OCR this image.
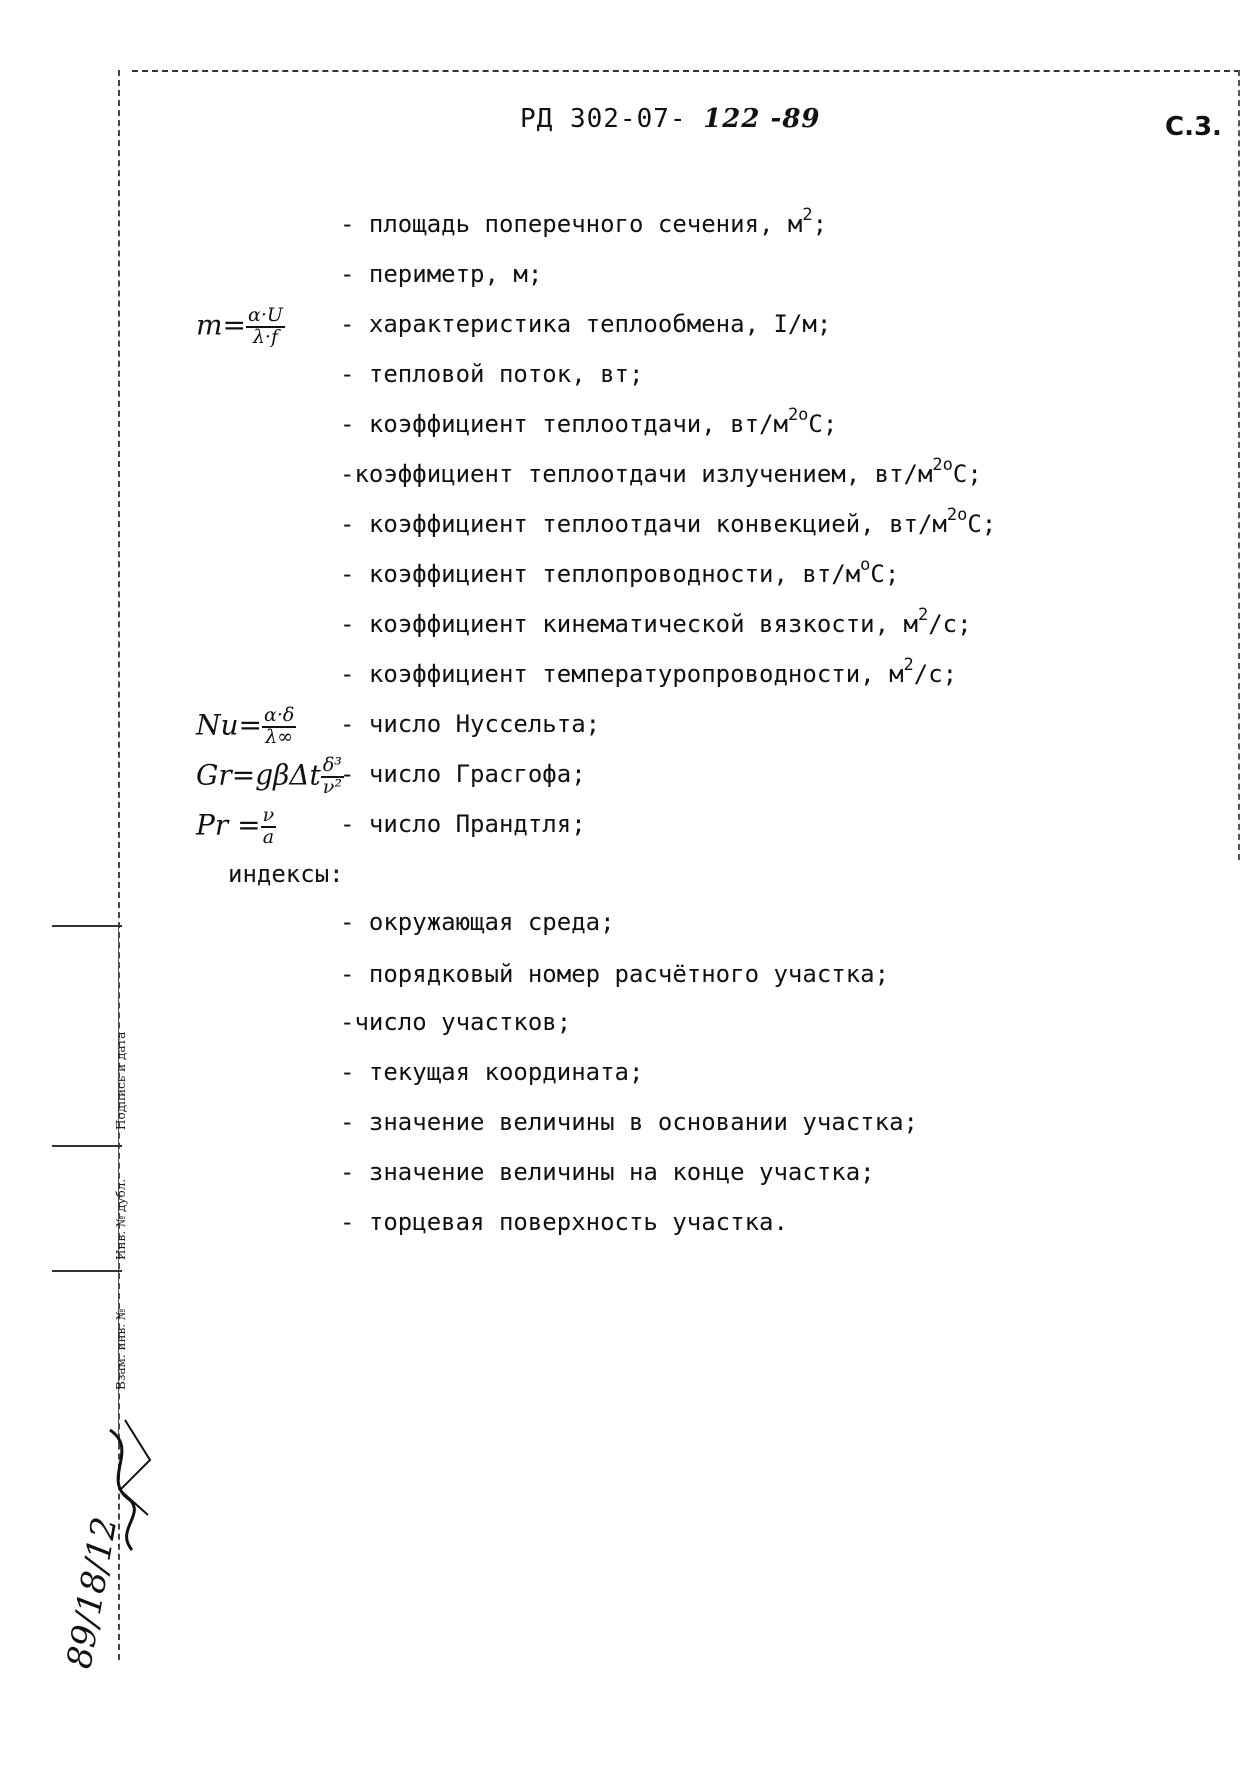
РД 302-07- 122 -89	С.3.
- площадь поперечного сечения, $м^2$;
- периметр, м;
$m= \frac{\alpha\cdot U}{\lambda\cdot f}$ - характеристика теплообмена, I/м;
- тепловой поток, вт;
- коэффициент теплоотдачи, $вт/м^{2о}С$;
-коэффициент теплоотдачи излучением, $вт/м^{2о}С$;
- коэффициент теплоотдачи конвекцией, $вт/м^{2о}С$;
- коэффициент теплопроводности, $вт/м^оС$;
- коэффициент кинематической вязкости, $м^2/с$;
- коэффициент температуропроводности, $м^2/с$;
$Nu= \frac{\alpha\cdot\delta}{\lambda\infty}$ - число Нуссельта;
$Gr=g\beta\Delta t \frac{\text{δ³}}{\text{ν²}}$
- число Грасгофа;
$Pr = \frac{\nu}{a}$	- число Прандтля;
индексы:
- окружающая среда;
- порядковый номер расчётного участка;
-число участков;
- текущая координата;
- значение величины в основании участка;
- значение величины на конце участка;
- торцевая поверхность участка.
Подпись и дата
Инв. № дубл.
Взам. инв. №
89/18/12
